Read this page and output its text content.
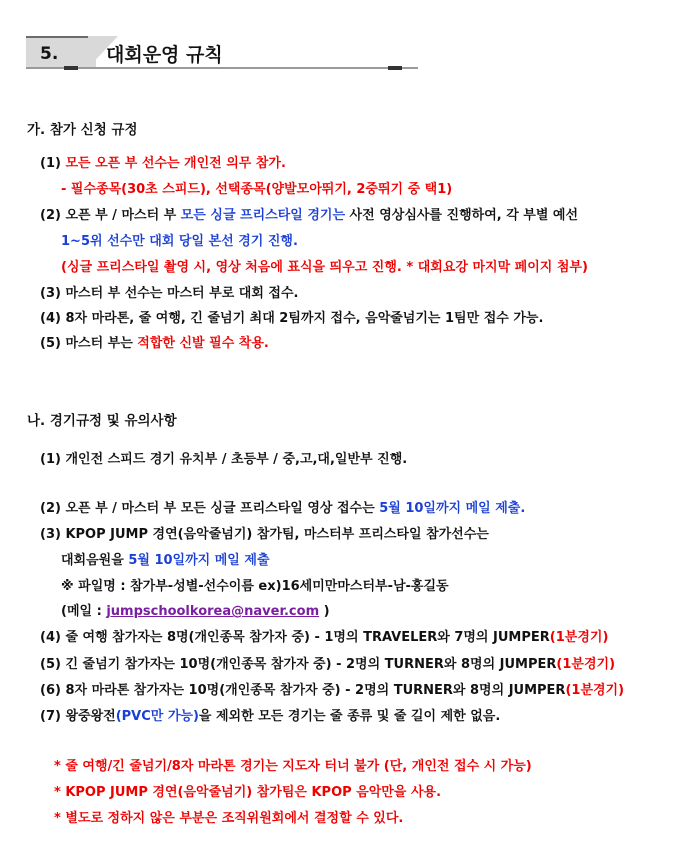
5.	대회운영 규칙
가. 참가 신청 규정
(1) 모든 오픈 부 선수는 개인전 의무 참가.
- 필수종목(30초 스피드), 선택종목(양발모아뛰기, 2중뛰기 중 택1)
(2) 오픈 부 / 마스터 부 모든 싱글 프리스타일 경기는 사전 영상심사를 진행하여, 각 부별 예선
1~5위 선수만 대회 당일 본선 경기 진행.
(싱글 프리스타일 촬영 시, 영상 처음에 표식을 띄우고 진행. * 대회요강 마지막 페이지 첨부)
(3) 마스터 부 선수는 마스터 부로 대회 접수.
(4) 8자 마라톤, 줄 여행, 긴 줄넘기 최대 2팀까지 접수, 음악줄넘기는 1팀만 접수 가능.
(5) 마스터 부는 적합한 신발 필수 착용.
나. 경기규정 및 유의사항
(1) 개인전 스피드 경기 유치부 / 초등부 / 중,고,대,일반부 진행.
(2) 오픈 부 / 마스터 부 모든 싱글 프리스타일 영상 접수는 5월 10일까지 메일 제출.
(3) KPOP JUMP 경연(음악줄넘기) 참가팀, 마스터부 프리스타일 참가선수는
대회음원을 5월 10일까지 메일 제출
※ 파일명 : 참가부-성별-선수이름 ex)16세미만마스터부-남-홍길동
(메일 : jumpschoolkorea@naver.com )
(4) 줄 여행 참가자는 8명(개인종목 참가자 중) - 1명의 TRAVELER와 7명의 JUMPER(1분경기)
(5) 긴 줄넘기 참가자는 10명(개인종목 참가자 중) - 2명의 TURNER와 8명의 JUMPER(1분경기)
(6) 8자 마라톤 참가자는 10명(개인종목 참가자 중) - 2명의 TURNER와 8명의 JUMPER(1분경기)
(7) 왕중왕전(PVC만 가능)을 제외한 모든 경기는 줄 종류 및 줄 길이 제한 없음.
* 줄 여행/긴 줄넘기/8자 마라톤 경기는 지도자 터너 불가 (단, 개인전 접수 시 가능)
* KPOP JUMP 경연(음악줄넘기) 참가팀은 KPOP 음악만을 사용.
* 별도로 정하지 않은 부분은 조직위원회에서 결정할 수 있다.
